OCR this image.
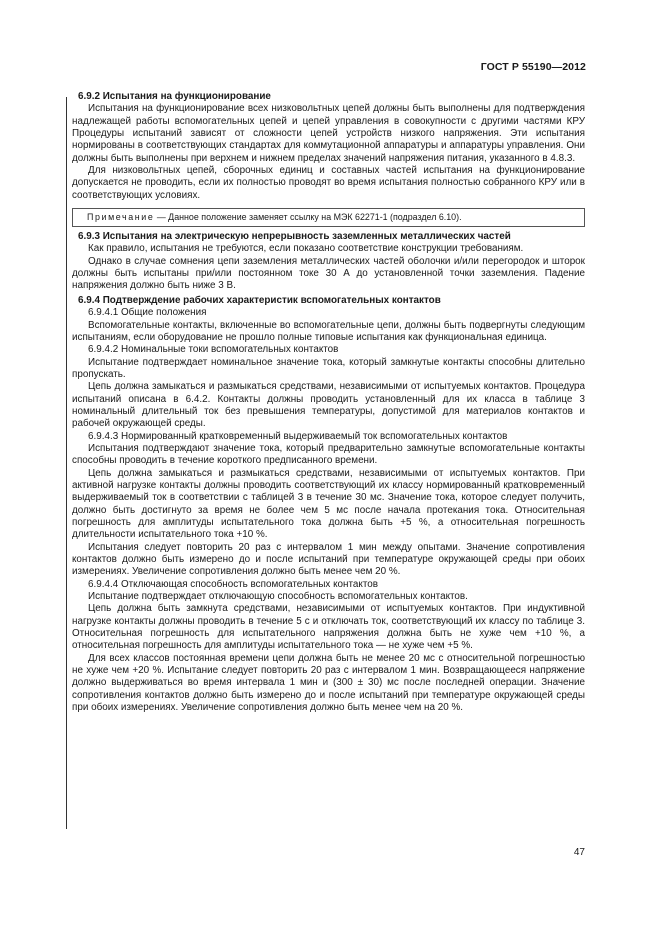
ГОСТ Р 55190—2012
6.9.2 Испытания на функционирование

Испытания на функционирование всех низковольтных цепей должны быть выполнены для подтверждения надлежащей работы вспомогательных цепей и цепей управления в совокупности с другими частями КРУ Процедуры испытаний зависят от сложности цепей устройств низкого напряжения. Эти испытания нормированы в соответствующих стандартах для коммутационной аппаратуры и аппаратуры управления. Они должны быть выполнены при верхнем и нижнем пределах значений напряжения питания, указанного в 4.8.3.

Для низковольтных цепей, сборочных единиц и составных частей испытания на функционирование допускается не проводить, если их полностью проводят во время испытания полностью собранного КРУ или в соответствующих условиях.

Примечание — Данное положение заменяет ссылку на МЭК 62271-1 (подраздел 6.10).
6.9.3 Испытания на электрическую непрерывность заземленных металлических частей

Как правило, испытания не требуются, если показано соответствие конструкции требованиям.

Однако в случае сомнения цепи заземления металлических частей оболочки и/или перегородок и шторок должны быть испытаны при/или постоянном токе 30 А до установленной точки заземления. Падение напряжения должно быть ниже 3 В.

6.9.4 Подтверждение рабочих характеристик вспомогательных контактов
6.9.4.1 Общие положения

Вспомогательные контакты, включенные во вспомогательные цепи, должны быть подвергнуты следующим испытаниям, если оборудование не прошло полные типовые испытания как функциональная единица.

6.9.4.2 Номинальные токи вспомогательных контактов

Испытание подтверждает номинальное значение тока, который замкнутые контакты способны длительно пропускать.

Цепь должна замыкаться и размыкаться средствами, независимыми от испытуемых контактов. Процедура испытаний описана в 6.4.2. Контакты должны проводить установленный для их класса в таблице 3 номинальный длительный ток без превышения температуры, допустимой для материалов контактов и рабочей окружающей среды.

6.9.4.3 Нормированный кратковременный выдерживаемый ток вспомогательных контактов

Испытания подтверждают значение тока, который предварительно замкнутые вспомогательные контакты способны проводить в течение короткого предписанного времени.

Цепь должна замыкаться и размыкаться средствами, независимыми от испытуемых контактов. При активной нагрузке контакты должны проводить соответствующий их классу нормированный кратковременный выдерживаемый ток в соответствии с таблицей 3 в течение 30 мс. Значение тока, которое следует получить, должно быть достигнуто за время не более чем 5 мс после начала протекания тока. Относительная погрешность для амплитуды испытательного тока должна быть +5 %, а относительная погрешность длительности испытательного тока +10 %.

Испытания следует повторить 20 раз с интервалом 1 мин между опытами. Значение сопротивления контактов должно быть измерено до и после испытаний при температуре окружающей среды при обоих измерениях. Увеличение сопротивления должно быть менее чем 20 %.

6.9.4.4 Отключающая способность вспомогательных контактов

Испытание подтверждает отключающую способность вспомогательных контактов.

Цепь должна быть замкнута средствами, независимыми от испытуемых контактов. При индуктивной нагрузке контакты должны проводить в течение 5 с и отключать ток, соответствующий их классу по таблице 3. Относительная погрешность для испытательного напряжения должна быть не хуже чем +10 %, а относительная погрешность для амплитуды испытательного тока — не хуже чем +5 %.

Для всех классов постоянная времени цепи должна быть не менее 20 мс с относительной погрешностью не хуже чем +20 %. Испытание следует повторить 20 раз с интервалом 1 мин. Возвращающееся напряжение должно выдерживаться во время интервала 1 мин и (300 ± 30) мс после последней операции. Значение сопротивления контактов должно быть измерено до и после испытаний при температуре окружающей среды при обоих измерениях. Увеличение сопротивления должно быть менее чем на 20 %.

47
